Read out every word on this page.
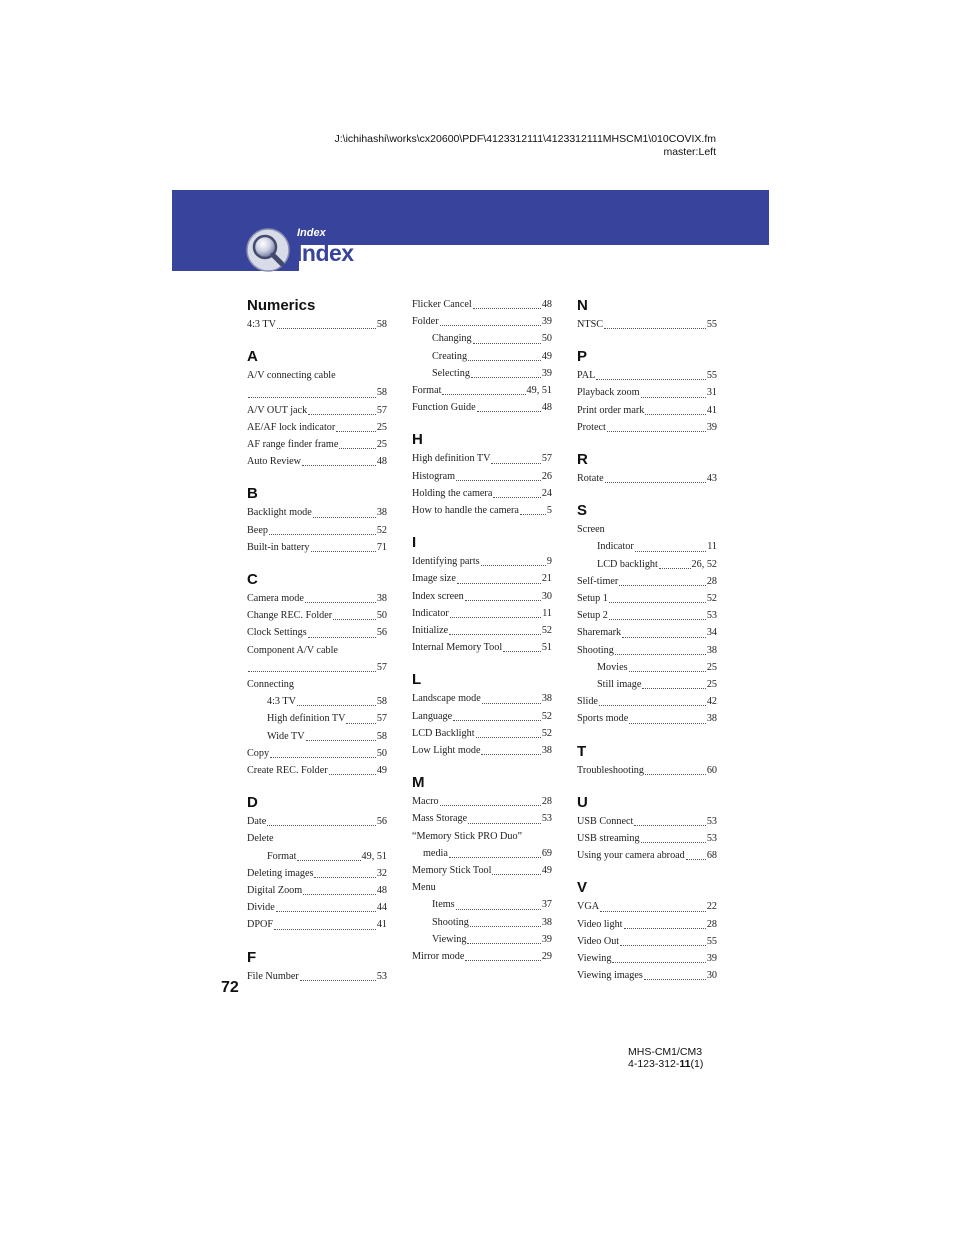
J:\ichihashi\works\cx20600\PDF\4123312111\4123312111MHSCM1\010COVIX.fm
master:Left
Index
Index
Numerics
4:3 TV	58
A
A/V connecting cable
58
A/V OUT jack	57
AE/AF lock indicator	25
AF range finder frame	25
Auto Review	48
B
Backlight mode	38
Beep	52
Built-in battery	71
C
Camera mode	38
Change REC. Folder	50
Clock Settings	56
Component A/V cable
57
Connecting
4:3 TV	58
High definition TV	57
Wide TV	58
Copy	50
Create REC. Folder	49
D
Date	56
Delete
Format	49, 51
Deleting images	32
Digital Zoom	48
Divide	44
DPOF	41
F
File Number	53
Flicker Cancel	48
Folder	39
Changing	50
Creating	49
Selecting	39
Format	49, 51
Function Guide	48
H
High definition TV	57
Histogram	26
Holding the camera	24
How to handle the camera	5
I
Identifying parts	9
Image size	21
Index screen	30
Indicator	11
Initialize	52
Internal Memory Tool	51
L
Landscape mode	38
Language	52
LCD Backlight	52
Low Light mode	38
M
Macro	28
Mass Storage	53
“Memory Stick PRO Duo”
media	69
Memory Stick Tool	49
Menu
Items	37
Shooting	38
Viewing	39
Mirror mode	29
N
NTSC	55
P
PAL	55
Playback zoom	31
Print order mark	41
Protect	39
R
Rotate	43
S
Screen
Indicator	11
LCD backlight	26, 52
Self-timer	28
Setup 1	52
Setup 2	53
Sharemark	34
Shooting	38
Movies	25
Still image	25
Slide	42
Sports mode	38
T
Troubleshooting	60
U
USB Connect	53
USB streaming	53
Using your camera abroad 68
V
VGA	22
Video light	28
Video Out	55
Viewing	39
Viewing images	30
72
MHS-CM1/CM3
4-123-312-11(1)
